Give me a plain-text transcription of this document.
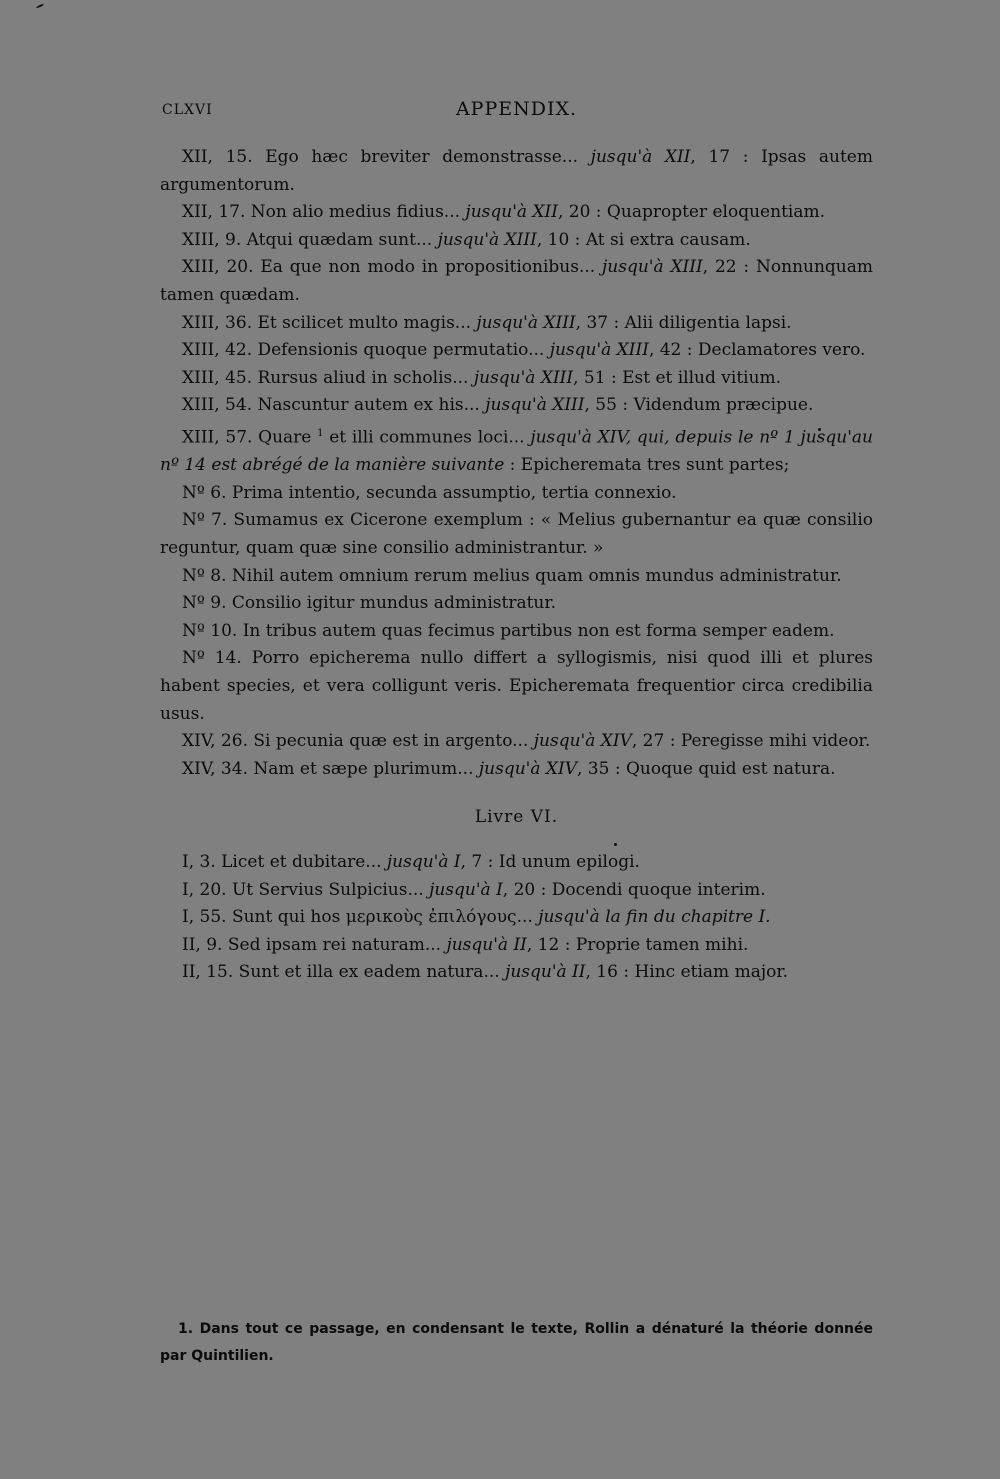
CLXVI	APPENDIX.

XII, 15. Ego hæc breviter demonstrasse... jusqu'à XII, 17 : Ipsas autem argumentorum.

XII, 17. Non alio medius fidius... jusqu'à XII, 20 : Quapropter eloquentiam.

XIII, 9. Atqui quædam sunt... jusqu'à XIII, 10 : At si extra causam.

XIII, 20. Ea que non modo in propositionibus... jusqu'à XIII, 22 : Nonnunquam tamen quædam.

XIII, 36. Et scilicet multo magis... jusqu'à XIII, 37 : Alii diligentia lapsi.

XIII, 42. Defensionis quoque permutatio... jusqu'à XIII, 42 : Declamatores vero.

XIII, 45. Rursus aliud in scholis... jusqu'à XIII, 51 : Est et illud vitium.

XIII, 54. Nascuntur autem ex his... jusqu'à XIII, 55 : Videndum præcipue.

XIII, 57. Quare $^1$ et illi communes loci... jusqu'à XIV, qui, depuis le nº 1 jusqu'au nº 14 est abrégé de la manière suivante : Epicheremata tres sunt partes;

Nº 6. Prima intentio, secunda assumptio, tertia connexio.

Nº 7. Sumamus ex Cicerone exemplum : « Melius gubernantur ea quæ consilio reguntur, quam quæ sine consilio administrantur. »

Nº 8. Nihil autem omnium rerum melius quam omnis mundus administratur.

Nº 9. Consilio igitur mundus administratur.

Nº 10. In tribus autem quas fecimus partibus non est forma semper eadem.

Nº 14. Porro epicherema nullo differt a syllogismis, nisi quod illi et plures habent species, et vera colligunt veris. Epicheremata frequentior circa credibilia usus.

XIV, 26. Si pecunia quæ est in argento... jusqu'à XIV, 27 : Peregisse mihi videor.

XIV, 34. Nam et sæpe plurimum... jusqu'à XIV, 35 : Quoque quid est natura.

Livre VI.

I, 3. Licet et dubitare... jusqu'à I, 7 : Id unum epilogi.

I, 20. Ut Servius Sulpicius... jusqu'à I, 20 : Docendi quoque interim.

I, 55. Sunt qui hos μερικοὺς ἐπιλόγους... jusqu'à la fin du chapitre I.

II, 9. Sed ipsam rei naturam... jusqu'à II, 12 : Proprie tamen mihi.

II, 15. Sunt et illa ex eadem natura... jusqu'à II, 16 : Hinc etiam major.

1. Dans tout ce passage, en condensant le texte, Rollin a dénaturé la théorie donnée par Quintilien.
